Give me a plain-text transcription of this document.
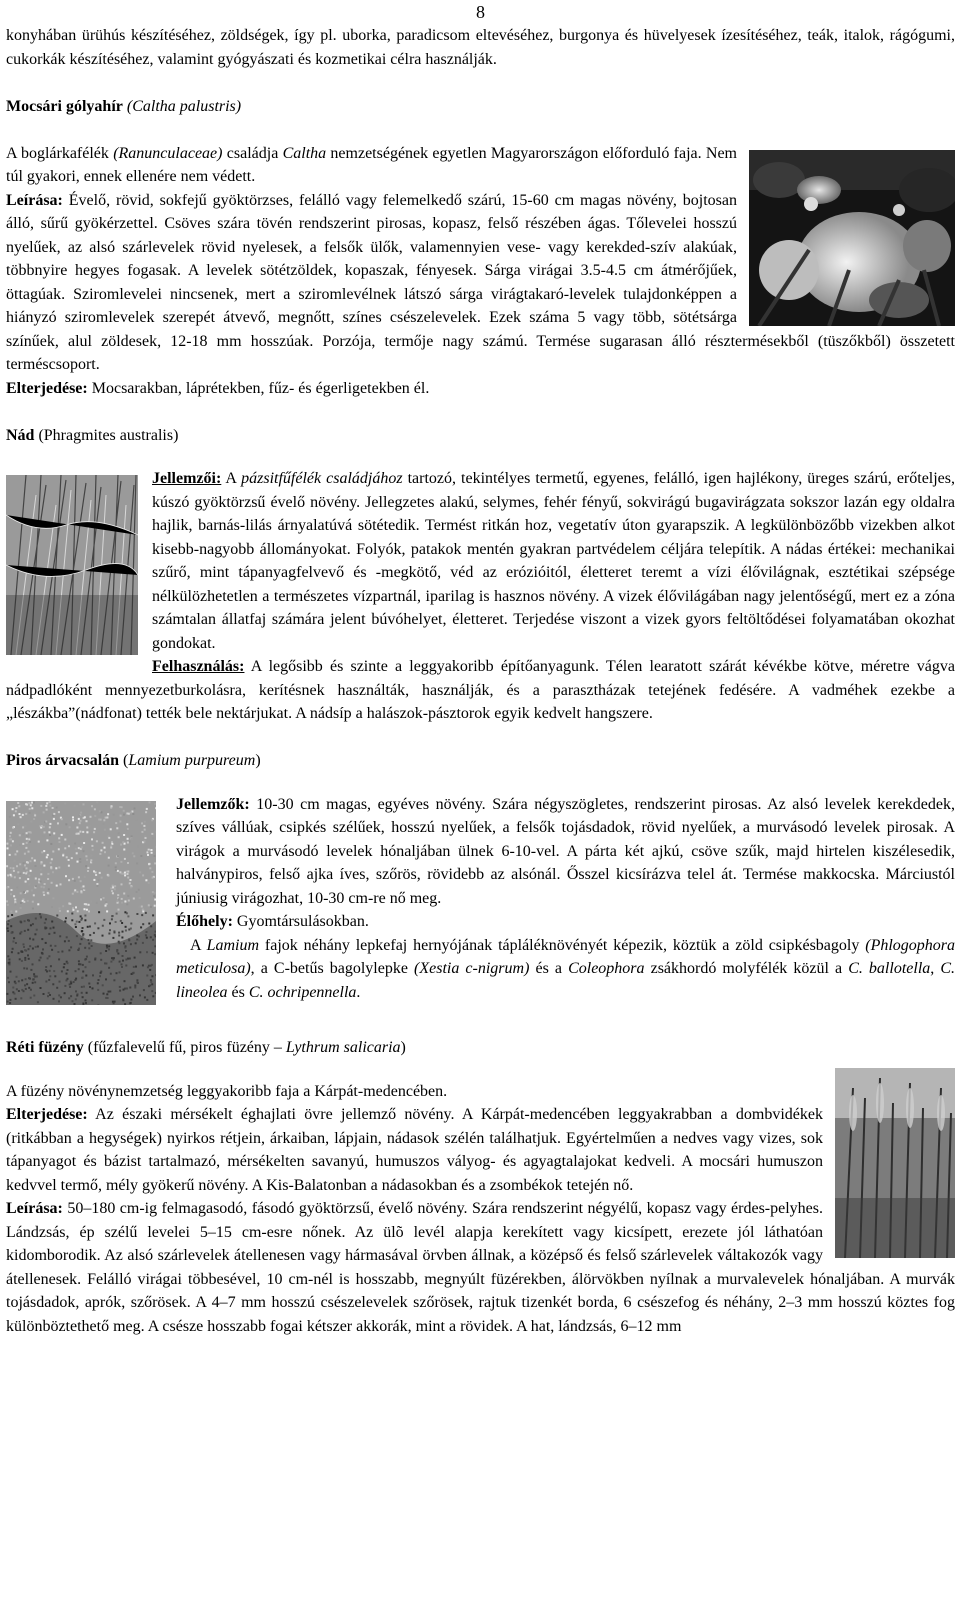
8

konyhában ürühús készítéséhez, zöldségek, így pl. uborka, paradicsom eltevéséhez, burgonya és hüvelyesek ízesítéséhez, teák, italok, rágógumi, cukorkák készítéséhez, valamint gyógyászati és kozmetikai célra használják.

Mocsári gólyahír (Caltha palustris)

A boglárkafélék (Ranunculaceae) családja Caltha nemzetségének egyetlen Magyarországon előforduló faja. Nem túl gyakori, ennek ellenére nem védett.

Leírása: Évelő, rövid, sokfejű gyöktörzses, felálló vagy felemelkedő szárú, 15-60 cm magas növény, bojtosan álló, sűrű gyökérzettel. Csöves szára tövén rendszerint pirosas, kopasz, felső részében ágas. Tőlevelei hosszú nyelűek, az alsó szárlevelek rövid nyelesek, a felsők ülők, valamennyien vese- vagy kerekded-szív alakúak, többnyire hegyes fogasak. A levelek sötétzöldek, kopaszak, fényesek. Sárga virágai 3.5-4.5 cm átmérőjűek, öttagúak. Sziromlevelei nincsenek, mert a sziromlevélnek látszó sárga virágtakaró-levelek tulajdonképpen a hiányzó sziromlevelek szerepét átvevő, megnőtt, színes csészelevelek. Ezek száma 5 vagy több, sötétsárga színűek, alul zöldesek, 12-18 mm hosszúak. Porzója, termője nagy számú. Termése sugarasan álló résztermésekből (tüszőkből) összetett terméscsoport.

Elterjedése: Mocsarakban, láprétekben, fűz- és égerligetekben él.

Nád (Phragmites australis)

Jellemzői: A pázsitfűfélék családjához tartozó, tekintélyes termetű, egyenes, felálló, igen hajlékony, üreges szárú, erőteljes, kúszó gyöktörzsű évelő növény. Jellegzetes alakú, selymes, fehér fényű, sokvirágú bugavirágzata sokszor lazán egy oldalra hajlik, barnás-lilás árnyalatúvá sötétedik. Termést ritkán hoz, vegetatív úton gyarapszik. A legkülönbözőbb vizekben alkot kisebb-nagyobb állományokat. Folyók, patakok mentén gyakran partvédelem céljára telepítik. A nádas értékei: mechanikai szűrő, mint tápanyagfelvevő és -megkötő, véd az erózióitól, életteret teremt a vízi élővilágnak, esztétikai szépsége nélkülözhetetlen a természetes vízpartnál, iparilag is hasznos növény. A vizek élővilágában nagy jelentőségű, mert ez a zóna számtalan állatfaj számára jelent búvóhelyet, életteret. Terjedése viszont a vizek gyors feltöltődései folyamatában okozhat gondokat.

Felhasználás: A legősibb és szinte a leggyakoribb építőanyagunk. Télen learatott szárát kévékbe kötve, méretre vágva nádpadlóként mennyezetburkolásra, kerítésnek használták, használják, és a parasztházak tetejének fedésére. A vadméhek ezekbe a „lészákba”(nádfonat) tették bele nektárjukat. A nádsíp a halászok-pásztorok egyik kedvelt hangszere.

Piros árvacsalán (Lamium purpureum)

Jellemzők: 10-30 cm magas, egyéves növény. Szára négyszögletes, rendszerint pirosas. Az alsó levelek kerekdedek, szíves vállúak, csipkés szélűek, hosszú nyelűek, a felsők tojásdadok, rövid nyelűek, a murvásodó levelek pirosak. A virágok a murvásodó levelek hónaljában ülnek 6-10-vel. A párta két ajkú, csöve szűk, majd hirtelen kiszélesedik, halványpiros, felső ajka íves, szőrös, rövidebb az alsónál. Ősszel kicsírázva telel át. Termése makkocska. Márciustól júniusig virágozhat, 10-30 cm-re nő meg.

Élőhely: Gyomtársulásokban.

A Lamium fajok néhány lepkefaj hernyójának tápláléknövényét képezik, köztük a zöld csipkésbagoly (Phlogophora meticulosa), a C-betűs bagolylepke (Xestia c-nigrum) és a Coleophora zsákhordó molyfélék közül a C. ballotella, C. lineolea és C. ochripennella.

Réti füzény (fűzfalevelű fű, piros füzény – Lythrum salicaria)

A füzény növénynemzetség leggyakoribb faja a Kárpát-medencében.

Elterjedése: Az északi mérsékelt éghajlati övre jellemző növény. A Kárpát-medencében leggyakrabban a dombvidékek (ritkábban a hegységek) nyirkos rétjein, árkaiban, lápjain, nádasok szélén találhatjuk. Egyértelműen a nedves vagy vizes, sok tápanyagot és bázist tartalmazó, mérsékelten savanyú, humuszos vályog- és agyagtalajokat kedveli. A mocsári humuszon kedvvel termő, mély gyökerű növény. A Kis-Balatonban a nádasokban és a zsombékok tetején nő.

Leírása: 50–180 cm-ig felmagasodó, fásodó gyöktörzsű, évelő növény. Szára rendszerint négyélű, kopasz vagy érdes-pelyhes. Lándzsás, ép szélű levelei 5–15 cm-esre nőnek. Az ülõ levél alapja kerekített vagy kicsípett, erezete jól láthatóan kidomborodik. Az alsó szárlevelek átellenesen vagy hármasával örvben állnak, a középső és felső szárlevelek váltakozók vagy átellenesek. Felálló virágai többesével, 10 cm-nél is hosszabb, megnyúlt füzérekben, álörvökben nyílnak a murvalevelek hónaljában. A murvák tojásdadok, aprók, szőrösek. A 4–7 mm hosszú csészelevelek szőrösek, rajtuk tizenkét borda, 6 csészefog és néhány, 2–3 mm hosszú köztes fog különböztethető meg. A csésze hosszabb fogai kétszer akkorák, mint a rövidek. A hat, lándzsás, 6–12 mm
